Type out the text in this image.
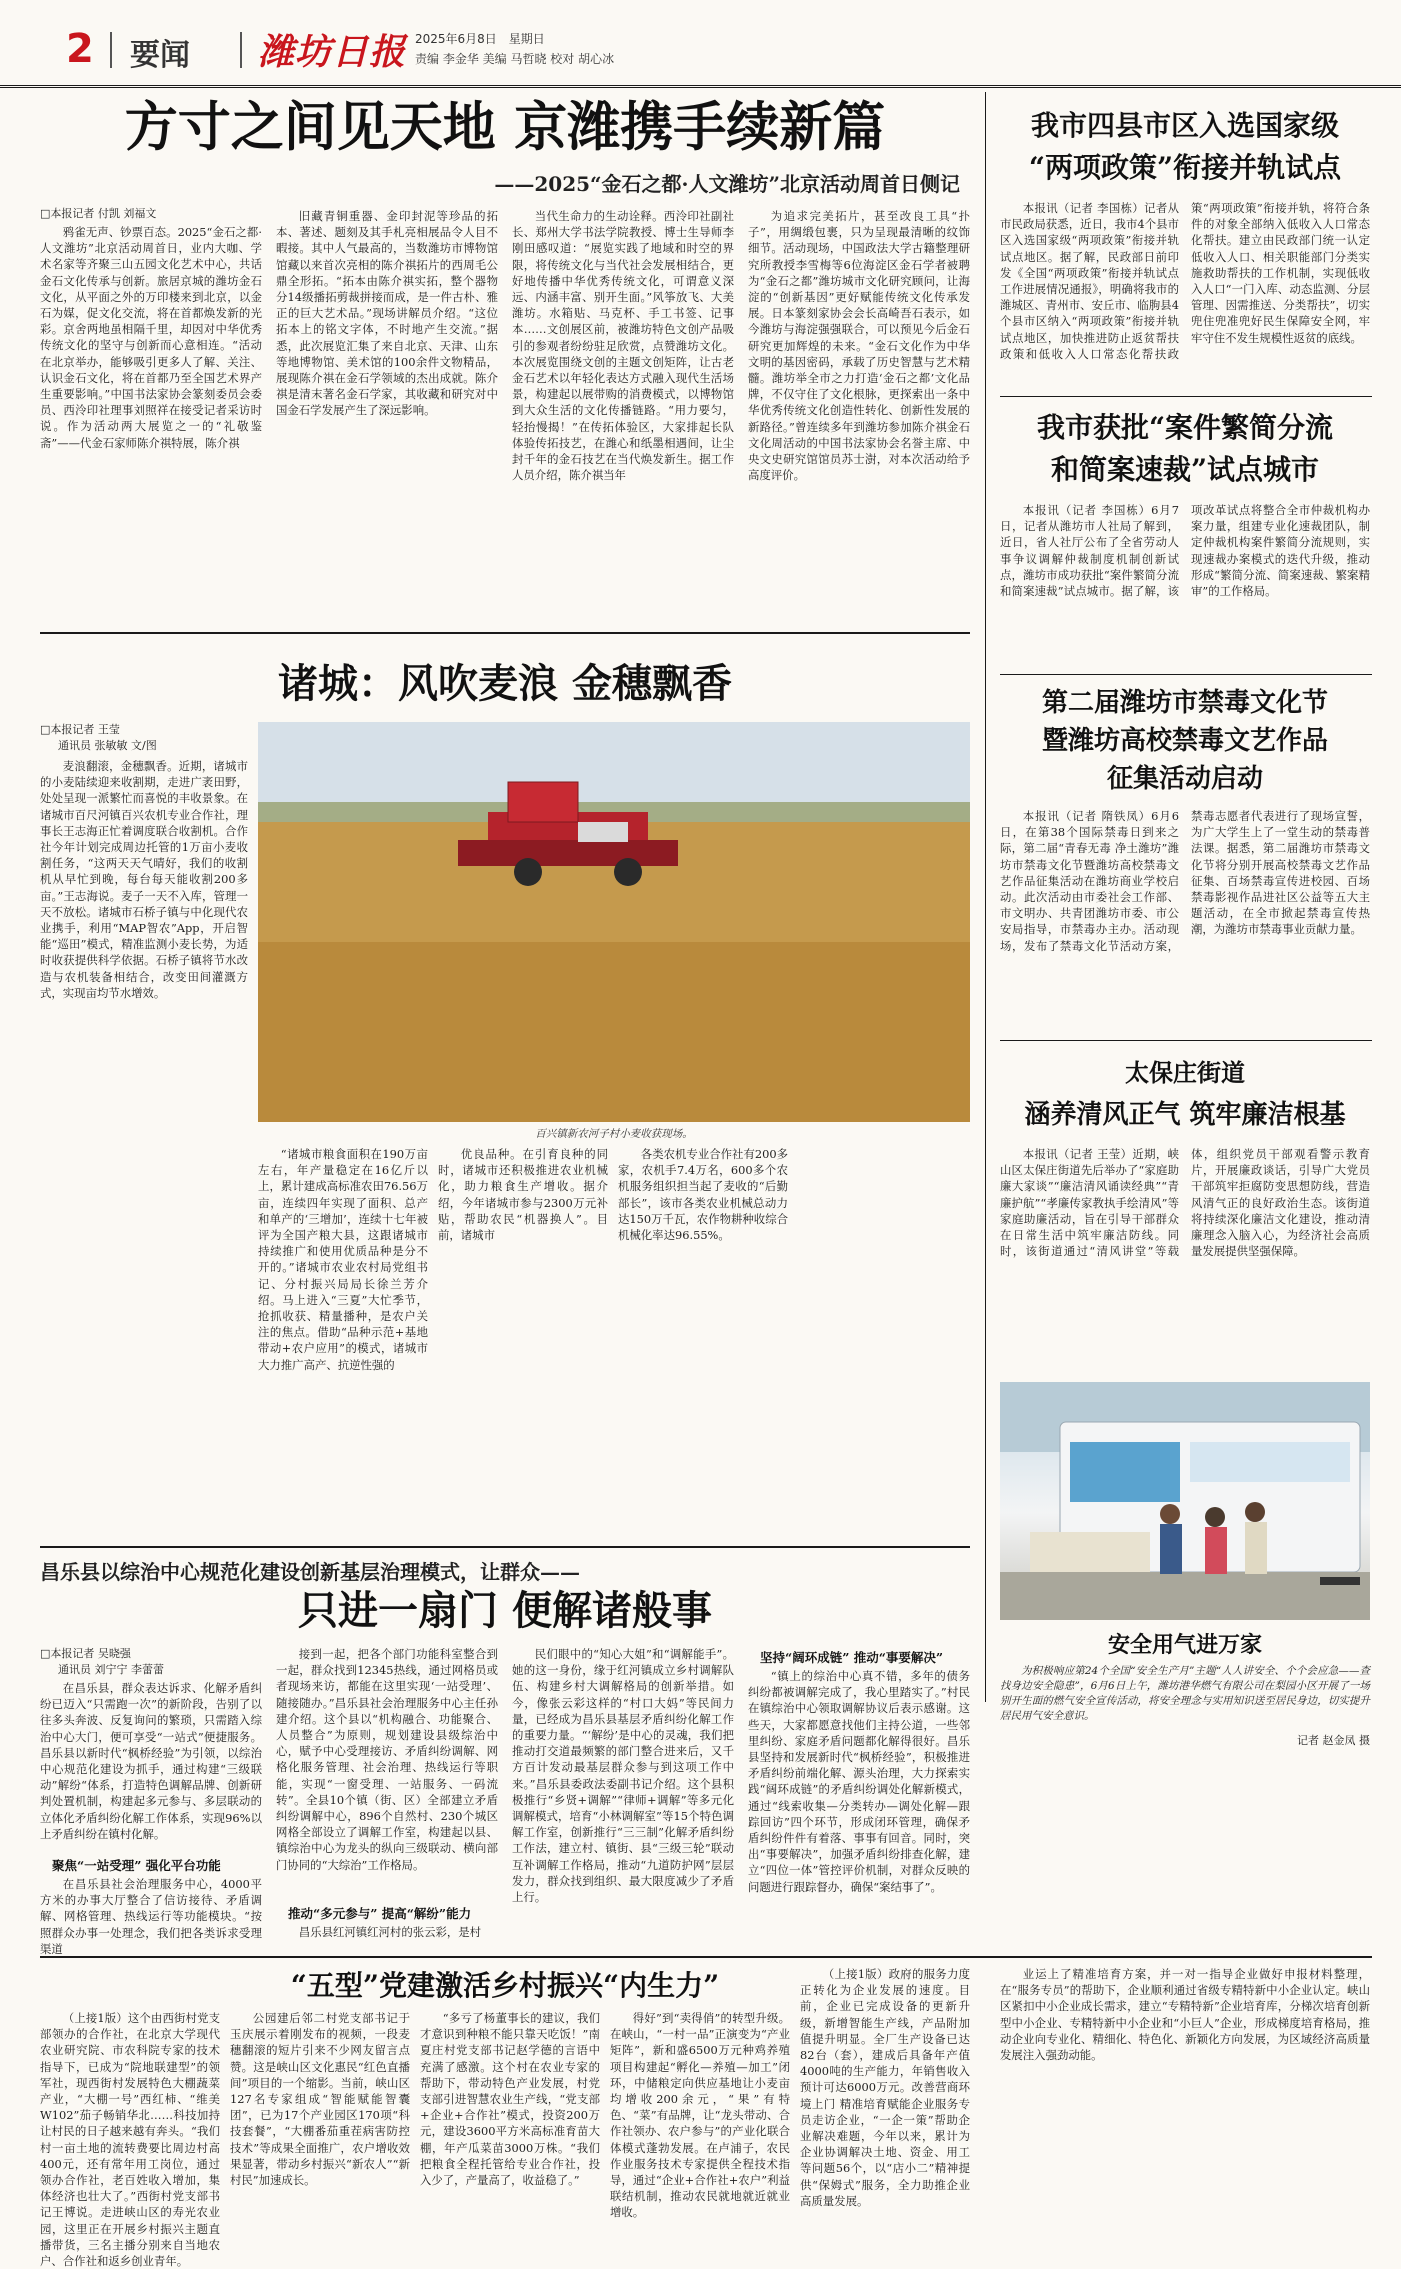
2 要闻 潍坊日报 2025年6月8日　星期日
责编 李金华 美编 马哲晓 校对 胡心冰
方寸之间见天地 京潍携手续新篇
——2025“金石之都·人文潍坊”北京活动周首日侧记
□本报记者 付凯 刘福文

鸦雀无声、钞票百态。2025“金石之都·人文潍坊”北京活动周首日，业内大咖、学术名家等齐聚三山五园文化艺术中心，共话金石文化传承与创新。旅居京城的潍坊金石文化，从平面之外的万印楼来到北京，以金石为媒，促文化交流，将在首都焕发新的光彩。京舍两地虽相隔千里，却因对中华优秀传统文化的坚守与创新而心意相连。“活动在北京举办，能够吸引更多人了解、关注、认识金石文化，将在首都乃至全国艺术界产生重要影响。”中国书法家协会篆刻委员会委员、西泠印社理事刘照祥在接受记者采访时说。作为活动两大展览之一的“礼敬鉴斋”——代金石家师陈介祺特展，陈介祺

旧藏青铜重器、金印封泥等珍品的拓本、著述、题刻及其手札亮相展品令人目不暇接。其中人气最高的，当数潍坊市博物馆馆藏以来首次亮相的陈介祺拓片的西周毛公鼎全形拓。“拓本由陈介祺实拓，整个器物分14级播拓剪裁拼接而成，是一件古朴、雅正的巨大艺术品。”现场讲解员介绍。“这位拓本上的铭文字体，不时地产生交流。”据悉，此次展览汇集了来自北京、天津、山东等地博物馆、美术馆的100余件文物精品，展现陈介祺在金石学领域的杰出成就。陈介祺是清末著名金石学家，其收藏和研究对中国金石学发展产生了深远影响。

当代生命力的生动诠释。西泠印社副社长、郑州大学书法学院教授、博士生导师李刚田感叹道：“展览实践了地域和时空的界限，将传统文化与当代社会发展相结合，更好地传播中华优秀传统文化，可谓意义深远、内涵丰富、别开生面。”风筝放飞、大美潍坊。水箱贴、马克杯、手工书签、记事本……文创展区前，被潍坊特色文创产品吸引的参观者纷纷驻足欣赏，点赞潍坊文化。本次展览围绕文创的主题文创矩阵，让古老金石艺术以年轻化表达方式融入现代生活场景，构建起以展带购的消费模式，以博物馆到大众生活的文化传播链路。“用力要匀，轻抬慢揭！”在传拓体验区，大家排起长队体验传拓技艺，在潍心和纸墨相遇间，让尘封千年的金石技艺在当代焕发新生。据工作人员介绍，陈介祺当年

为追求完美拓片，甚至改良工具“扑子”，用绸缎包裹，只为呈现最清晰的纹饰细节。活动现场，中国政法大学古籍整理研究所教授李雪梅等6位海淀区金石学者被聘为“金石之都”潍坊城市文化研究顾问，让海淀的“创新基因”更好赋能传统文化传承发展。日本篆刻家协会会长高崎吾石表示，如今潍坊与海淀强强联合，可以预见今后金石研究更加辉煌的未来。“金石文化作为中华文明的基因密码，承载了历史智慧与艺术精髓。潍坊举全市之力打造‘金石之都’文化品牌，不仅守住了文化根脉，更探索出一条中华优秀传统文化创造性转化、创新性发展的新路径。”曾连续多年到潍坊参加陈介祺金石文化周活动的中国书法家协会名誉主席、中央文史研究馆馆员苏士澍，对本次活动给予高度评价。

我市四县市区入选国家级
“两项政策”衔接并轨试点

本报讯（记者 李国栋）记者从市民政局获悉，近日，我市4个县市区入选国家级“两项政策”衔接并轨试点地区。据了解，民政部日前印发《全国“两项政策”衔接并轨试点工作进展情况通报》，明确将我市的潍城区、青州市、安丘市、临朐县4个县市区纳入“两项政策”衔接并轨试点地区，加快推进防止返贫帮扶政策和低收入人口常态化帮扶政策“两项政策”衔接并轨，将符合条件的对象全部纳入低收入人口常态化帮扶。建立由民政部门统一认定低收入人口、相关职能部门分类实施救助帮扶的工作机制，实现低收入人口“一门入库、动态监测、分层管理、因需推送、分类帮扶”，切实兜住兜准兜好民生保障安全网，牢牢守住不发生规模性返贫的底线。

我市获批“案件繁简分流
和简案速裁”试点城市

本报讯（记者 李国栋）6月7日，记者从潍坊市人社局了解到，近日，省人社厅公布了全省劳动人事争议调解仲裁制度机制创新试点，潍坊市成功获批“案件繁简分流和简案速裁”试点城市。据了解，该项改革试点将整合全市仲裁机构办案力量，组建专业化速裁团队，制定仲裁机构案件繁简分流规则，实现速裁办案模式的迭代升级，推动形成“繁简分流、简案速裁、繁案精审”的工作格局。

第二届潍坊市禁毒文化节
暨潍坊高校禁毒文艺作品
征集活动启动

本报讯（记者 隋铁凤）6月6日，在第38个国际禁毒日到来之际，第二届“青春无毒 净土潍坊”潍坊市禁毒文化节暨潍坊高校禁毒文艺作品征集活动在潍坊商业学校启动。此次活动由市委社会工作部、市文明办、共青团潍坊市委、市公安局指导，市禁毒办主办。活动现场，发布了禁毒文化节活动方案，禁毒志愿者代表进行了现场宣誓，为广大学生上了一堂生动的禁毒普法课。据悉，第二届潍坊市禁毒文化节将分别开展高校禁毒文艺作品征集、百场禁毒宣传进校园、百场禁毒影视作品进社区公益等五大主题活动，在全市掀起禁毒宣传热潮，为潍坊市禁毒事业贡献力量。

太保庄街道
涵养清风正气 筑牢廉洁根基

本报讯（记者 王莹）近期，峡山区太保庄街道先后举办了“家庭助廉大家谈”“廉洁清风诵读经典”“青廉护航”“孝廉传家教执手绘清风”等家庭助廉活动，旨在引导干部群众在日常生活中筑牢廉洁防线。同时，该街道通过“清风讲堂”等载体，组织党员干部观看警示教育片，开展廉政谈话，引导广大党员干部筑牢拒腐防变思想防线，营造风清气正的良好政治生态。该街道将持续深化廉洁文化建设，推动清廉理念入脑入心，为经济社会高质量发展提供坚强保障。

安全用气进万家

为积极响应第24个全国“安全生产月”主题“人人讲安全、个个会应急——查找身边安全隐患”，6月6日上午，潍坊港华燃气有限公司在梨园小区开展了一场别开生面的燃气安全宣传活动，将安全理念与实用知识送至居民身边，切实提升居民用气安全意识。

记者 赵金凤 摄
诸城：风吹麦浪 金穗飘香
□本报记者 王莹
通讯员 张敏敏 文/图

麦浪翻滚，金穗飘香。近期，诸城市的小麦陆续迎来收割期，走进广袤田野，处处呈现一派繁忙而喜悦的丰收景象。在诸城市百尺河镇百兴农机专业合作社，理事长王志海正忙着调度联合收割机。合作社今年计划完成周边托管的1万亩小麦收割任务，“这两天天气晴好，我们的收割机从早忙到晚，每台每天能收割200多亩。”王志海说。麦子一天不入库，管理一天不放松。诸城市石桥子镇与中化现代农业携手，利用“MAP智农”App，开启智能“巡田”模式，精准监测小麦长势，为适时收获提供科学依据。石桥子镇将节水改造与农机装备相结合，改变田间灌溉方式，实现亩均节水增效。

百兴镇新农河子村小麦收获现场。

“诸城市粮食面积在190万亩左右，年产量稳定在16亿斤以上，累计建成高标准农田76.56万亩，连续四年实现了面积、总产和单产的‘三增加’，连续十七年被评为全国产粮大县，这跟诸城市持续推广和使用优质品种是分不开的。”诸城市农业农村局党组书记、分村振兴局局长徐兰芳介绍。马上进入“三夏”大忙季节，抢抓收获、精量播种，是农户关注的焦点。借助“品种示范+基地带动+农户应用”的模式，诸城市大力推广高产、抗逆性强的

优良品种。在引育良种的同时，诸城市还积极推进农业机械化，助力粮食生产增收。据介绍，今年诸城市参与2300万元补贴，帮助农民“机器换人”。目前，诸城市

各类农机专业合作社有200多家，农机手7.4万名，600多个农机服务组织担当起了麦收的“后勤部长”，该市各类农业机械总动力达150万千瓦，农作物耕种收综合机械化率达96.55%。

昌乐县以综治中心规范化建设创新基层治理模式，让群众——
只进一扇门 便解诸般事
□本报记者 吴晓强
通讯员 刘宁宁 李蕾蕾

在昌乐县，群众表达诉求、化解矛盾纠纷已迈入“只需跑一次”的新阶段，告别了以往多头奔波、反复询问的繁琐，只需踏入综治中心大门，便可享受“一站式”便捷服务。昌乐县以新时代“枫桥经验”为引领，以综治中心规范化建设为抓手，通过构建“三级联动”解纷“体系，打造特色调解品牌、创新研判处置机制，构建起多元参与、多层联动的立体化矛盾纠纷化解工作体系，实现96%以上矛盾纠纷在镇村化解。

聚焦“一站受理” 强化平台功能

在昌乐县社会治理服务中心，4000平方米的办事大厅整合了信访接待、矛盾调解、网格管理、热线运行等功能模块。“按照群众办事一处理念，我们把各类诉求受理渠道

接到一起，把各个部门功能科室整合到一起，群众找到12345热线，通过网格员或者现场来访，都能在这里实现‘一站受理’、随接随办。”昌乐县社会治理服务中心主任孙建介绍。这个县以“机构融合、功能聚合、人员整合”为原则，规划建设县级综治中心，赋予中心受理接访、矛盾纠纷调解、网格化服务管理、社会治理、热线运行等职能，实现“一窗受理、一站服务、一码流转”。全县10个镇（街、区）全部建立矛盾纠纷调解中心，896个自然村、230个城区网格全部设立了调解工作室，构建起以县、镇综治中心为龙头的纵向三级联动、横向部门协同的“大综治”工作格局。

推动“多元参与” 提高“解纷”能力

昌乐县红河镇红河村的张云彩，是村

民们眼中的“知心大姐”和“调解能手”。她的这一身份，缘于红河镇成立乡村调解队伍、构建乡村大调解格局的创新举措。如今，像张云彩这样的“村口大妈”等民间力量，已经成为昌乐县基层矛盾纠纷化解工作的重要力量。“‘解纷’是中心的灵魂，我们把推动打交道最频繁的部门整合进来后，又千方百计发动最基层群众参与到这项工作中来。”昌乐县委政法委副书记介绍。这个县积极推行“乡贤+调解”“律师+调解”等多元化调解模式，培育“小林调解室”等15个特色调解工作室，创新推行“三三制”化解矛盾纠纷工作法，建立村、镇街、县“三级三轮”联动互补调解工作格局，推动“九道防护网”层层发力，群众找到组织、最大限度减少了矛盾上行。

坚持“阔环成链” 推动“事要解决”

“镇上的综治中心真不错，多年的债务纠纷都被调解完成了，我心里踏实了。”村民在镇综治中心领取调解协议后表示感谢。这些天，大家都愿意找他们主持公道，一些邻里纠纷、家庭矛盾问题都化解得很好。昌乐县坚持和发展新时代“枫桥经验”，积极推进矛盾纠纷前端化解、源头治理，大力探索实践“阔环成链”的矛盾纠纷调处化解新模式，通过“线索收集—分类转办—调处化解—跟踪回访”四个环节，形成闭环管理，确保矛盾纠纷件件有着落、事事有回音。同时，突出“事要解决”，加强矛盾纠纷排查化解，建立“四位一体”管控评价机制，对群众反映的问题进行跟踪督办，确保“案结事了”。

“五型”党建激活乡村振兴“内生力”

（上接1版）这个由西街村党支部领办的合作社，在北京大学现代农业研究院、市农科院专家的技术指导下，已成为“院地联建型”的领军社，现西街村发展特色大棚蔬菜产业，“大棚一号”西红柿、“维美W102”茄子畅销华北……科技加持让村民的日子越来越有奔头。“我们村一亩土地的流转费要比周边村高400元，还有常年用工岗位，通过领办合作社，老百姓收入增加，集体经济也壮大了。”西街村党支部书记王博说。走进峡山区的寿光农业园，这里正在开展乡村振兴主题直播带货，三名主播分别来自当地农户、合作社和返乡创业青年。

公园建后邻二村党支部书记于玉庆展示着刚发布的视频，一段麦穗翻滚的短片引来不少网友留言点赞。这是峡山区文化惠民“红色直播间”项目的一个缩影。当前，峡山区127名专家组成“智能赋能智囊团”，已为17个产业园区170项“科技套餐”，“大棚番茄重茬病害防控技术”等成果全面推广，农户增收效果显著，带动乡村振兴“新农人”“新村民”加速成长。

“多亏了杨董事长的建议，我们才意识到种粮不能只靠天吃饭！”南夏庄村党支部书记赵学德的言语中充满了感激。这个村在农业专家的帮助下，带动特色产业发展，村党支部引进智慧农业生产线，“党支部+企业+合作社”模式，投资200万元，建设3600平方米高标准育苗大棚，年产瓜菜苗3000万株。“我们把粮食全程托管给专业合作社，投入少了，产量高了，收益稳了。”

得好”到“卖得俏”的转型升级。在峡山，“一村一品”正演变为“产业矩阵”，新和盛6500万元种鸡养殖项目构建起“孵化—养殖—加工”闭环，中储粮定向供应基地让小麦亩均增收200余元，“果”有特色、“菜”有品牌，让“龙头带动、合作社领办、农户参与”的产业化联合体模式蓬勃发展。在卢浦子，农民作业服务技术专家提供全程技术指导，通过“企业+合作社+农户”利益联结机制，推动农民就地就近就业增收。

（上接1版）政府的服务力度正转化为企业发展的速度。目前，企业已完成设备的更新升级，新增智能生产线，产品附加值提升明显。全厂生产设备已达82台（套），建成后具备年产值4000吨的生产能力，年销售收入预计可达6000万元。改善营商环境上门 精准培育赋能企业服务专员走访企业，“一企一策”帮助企业解决难题，今年以来，累计为企业协调解决土地、资金、用工等问题56个，以“店小二”精神提供“保姆式”服务，全力助推企业高质量发展。

业运上了精准培育方案，并一对一指导企业做好申报材料整理，在“服务专员”的帮助下，企业顺利通过省级专精特新中小企业认定。峡山区紧扣中小企业成长需求，建立“专精特新”企业培育库，分梯次培育创新型中小企业、专精特新中小企业和“小巨人”企业，形成梯度培育格局，推动企业向专业化、精细化、特色化、新颖化方向发展，为区域经济高质量发展注入强劲动能。
